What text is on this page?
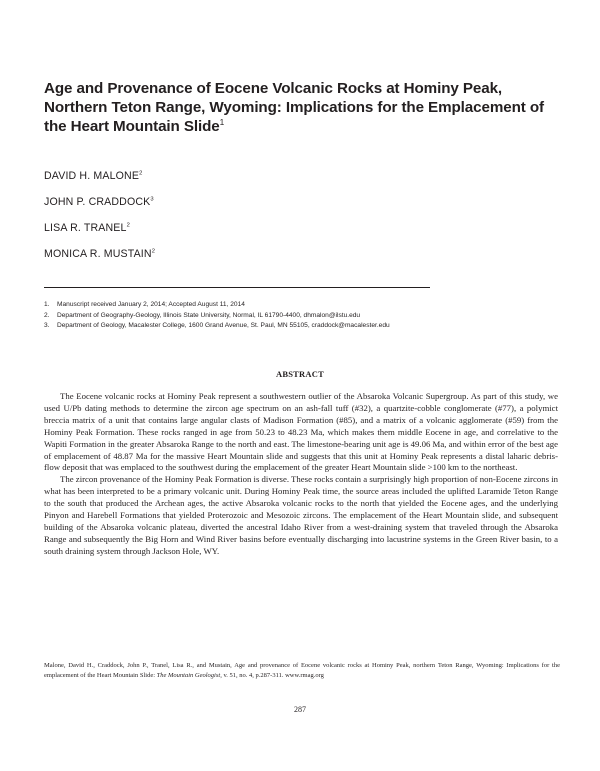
Age and Provenance of Eocene Volcanic Rocks at Hominy Peak, Northern Teton Range, Wyoming: Implications for the Emplacement of the Heart Mountain Slide$^1$
DAVID H. MALONE$^2$
JOHN P. CRADDOCK$^3$
LISA R. TRANEL$^2$
MONICA R. MUSTAIN$^2$
1. Manuscript received January 2, 2014; Accepted August 11, 2014
2. Department of Geography-Geology, Illinois State University, Normal, IL 61790-4400, dhmalon@ilstu.edu
3. Department of Geology, Macalester College, 1600 Grand Avenue, St. Paul, MN 55105, craddock@macalester.edu
ABSTRACT

The Eocene volcanic rocks at Hominy Peak represent a southwestern outlier of the Absaroka Volcanic Supergroup. As part of this study, we used U/Pb dating methods to determine the zircon age spectrum on an ash-fall tuff (#32), a quartzite-cobble conglomerate (#77), a polymict breccia matrix of a unit that contains large angular clasts of Madison Formation (#85), and a matrix of a volcanic agglomerate (#59) from the Hominy Peak Formation. These rocks ranged in age from 50.23 to 48.23 Ma, which makes them middle Eocene in age, and correlative to the Wapiti Formation in the greater Absaroka Range to the north and east. The limestone-bearing unit age is 49.06 Ma, and within error of the best age of emplacement of 48.87 Ma for the massive Heart Mountain slide and suggests that this unit at Hominy Peak represents a distal laharic debris-flow deposit that was emplaced to the southwest during the emplacement of the greater Heart Mountain slide >100 km to the northeast.

The zircon provenance of the Hominy Peak Formation is diverse. These rocks contain a surprisingly high proportion of non-Eocene zircons in what has been interpreted to be a primary volcanic unit. During Hominy Peak time, the source areas included the uplifted Laramide Teton Range to the south that produced the Archean ages, the active Absaroka volcanic rocks to the north that yielded the Eocene ages, and the underlying Pinyon and Harebell Formations that yielded Proterozoic and Mesozoic zircons. The emplacement of the Heart Mountain slide, and subsequent building of the Absaroka volcanic plateau, diverted the ancestral Idaho River from a west-draining system that traveled through the Absaroka Range and subsequently the Big Horn and Wind River basins before eventually discharging into lacustrine systems in the Green River basin, to a south draining system through Jackson Hole, WY.

Malone, David H., Craddock, John P., Tranel, Lisa R., and Mustain, Age and provenance of Eocene volcanic rocks at Hominy Peak, northern Teton Range, Wyoming: Implications for the emplacement of the Heart Mountain Slide: The Mountain Geologist, v. 51, no. 4, p.287-311. www.rmag.org
287
